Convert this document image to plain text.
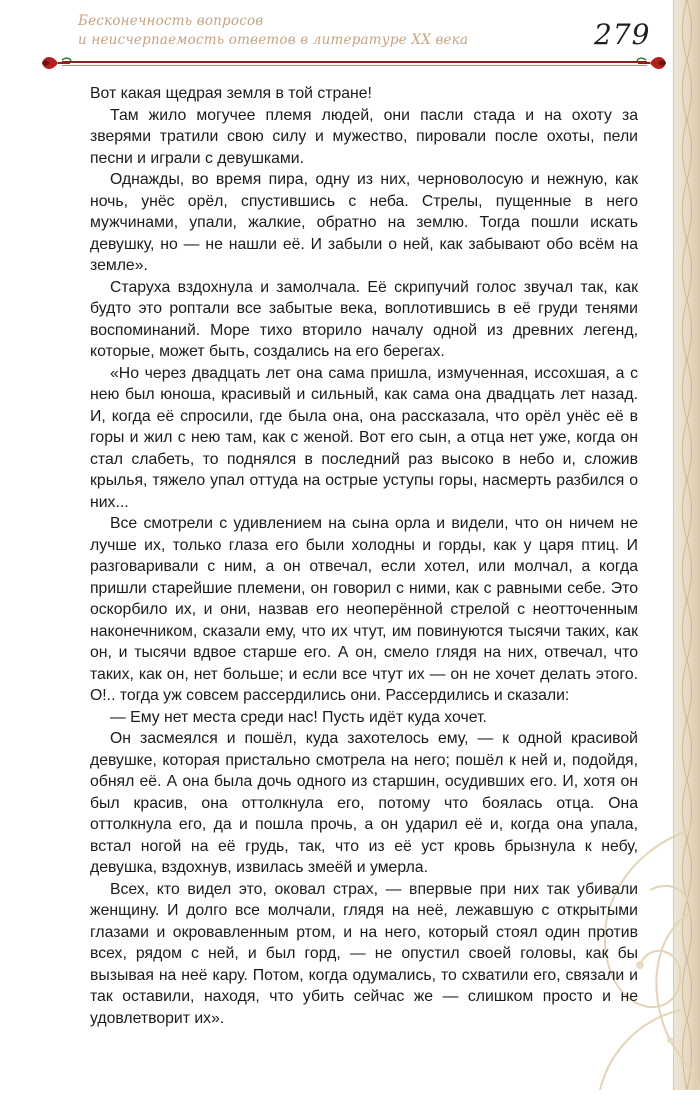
Бесконечность вопросов
и неисчерпаемость ответов в литературе XX века	279

Вот какая щедрая земля в той стране!

Там жило могучее племя людей, они пасли стада и на охоту за зверями тратили свою силу и мужество, пировали после охоты, пели песни и играли с девушками.

Однажды, во время пира, одну из них, черноволосую и нежную, как ночь, унёс орёл, спустившись с неба. Стрелы, пущенные в него мужчинами, упали, жалкие, обратно на землю. Тогда пошли искать девушку, но — не нашли её. И забыли о ней, как забывают обо всём на земле».

Старуха вздохнула и замолчала. Её скрипучий голос звучал так, как будто это роптали все забытые века, воплотившись в её груди тенями воспоминаний. Море тихо вторило началу одной из древних легенд, которые, может быть, создались на его берегах.

«Но через двадцать лет она сама пришла, измученная, иссохшая, а с нею был юноша, красивый и сильный, как сама она двадцать лет назад. И, когда её спросили, где была она, она рассказала, что орёл унёс её в горы и жил с нею там, как с женой. Вот его сын, а отца нет уже, когда он стал слабеть, то поднялся в последний раз высоко в небо и, сложив крылья, тяжело упал оттуда на острые уступы горы, насмерть разбился о них...

Все смотрели с удивлением на сына орла и видели, что он ничем не лучше их, только глаза его были холодны и горды, как у царя птиц. И разговаривали с ним, а он отвечал, если хотел, или молчал, а когда пришли старейшие племени, он говорил с ними, как с равными себе. Это оскорбило их, и они, назвав его неоперённой стрелой с неотточенным наконечником, сказали ему, что их чтут, им повинуются тысячи таких, как он, и тысячи вдвое старше его. А он, смело глядя на них, отвечал, что таких, как он, нет больше; и если все чтут их — он не хочет делать этого. О!.. тогда уж совсем рассердились они. Рассердились и сказали:

— Ему нет места среди нас! Пусть идёт куда хочет.

Он засмеялся и пошёл, куда захотелось ему, — к одной красивой девушке, которая пристально смотрела на него; пошёл к ней и, подойдя, обнял её. А она была дочь одного из старшин, осудивших его. И, хотя он был красив, она оттолкнула его, потому что боялась отца. Она оттолкнула его, да и пошла прочь, а он ударил её и, когда она упала, встал ногой на её грудь, так, что из её уст кровь брызнула к небу, девушка, вздохнув, извилась змеёй и умерла.

Всех, кто видел это, оковал страх, — впервые при них так убивали женщину. И долго все молчали, глядя на неё, лежавшую с открытыми глазами и окровавленным ртом, и на него, который стоял один против всех, рядом с ней, и был горд, — не опустил своей головы, как бы вызывая на неё кару. Потом, когда одумались, то схватили его, связали и так оставили, находя, что убить сейчас же — слишком просто и не удовлетворит их».
